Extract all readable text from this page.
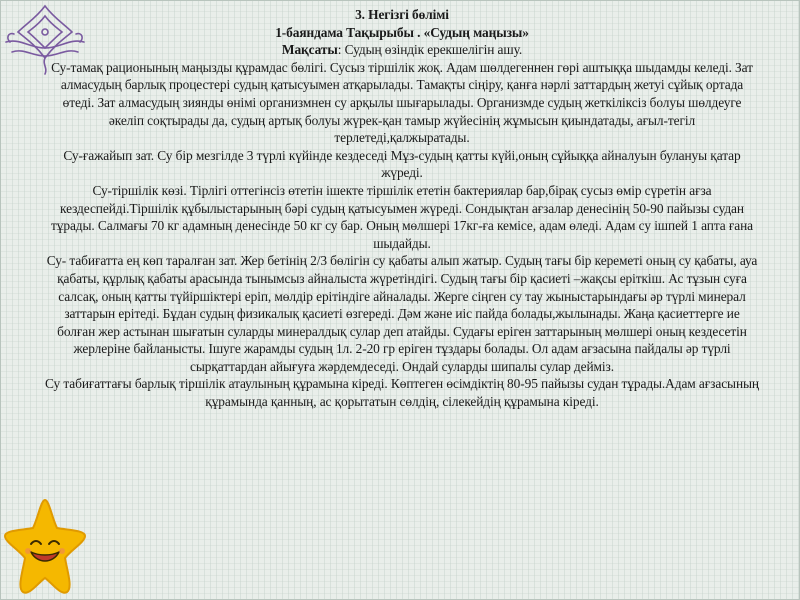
3. Негізгі бөлімі

1-баяндама Тақырыбы . «Судың маңызы»

Мақсаты: Судың өзіндік ерекшелігін ашу.

Су-тамақ рационының маңызды құрамдас бөлігі. Сусыз тіршілік жоқ. Адам шөлдегеннен гөрі аштыққа шыдамды келеді. Зат алмасудың барлық процестері судың қатысуымен атқарылады. Тамақты сіңіру, қанға нәрлі заттардың жетуі сұйық ортада өтеді. Зат алмасудың зиянды өнімі организмнен су арқылы шығарылады. Организмде судың жеткіліксіз болуы шөлдеуге әкеліп соқтырады да, судың артық болуы жүрек-қан тамыр жүйесінің жұмысын қиындатады, ағыл-тегіл терлетеді,қалжыратады.

Су-ғажайып зат. Су бір мезгілде 3 түрлі күйінде кездеседі Мұз-судың қатты күйі,оның сұйыққа айналуын булануы қатар жүреді.

Су-тіршілік көзі. Тірлігі оттегінсіз өтетін ішекте тіршілік ететін бактериялар бар,бірақ сусыз өмір сүретін ағза кездеспейді.Тіршілік құбылыстарының бәрі судың қатысуымен жүреді. Сондықтан ағзалар денесінің 50-90 пайызы судан тұрады. Салмағы 70 кг адамның денесінде 50 кг су бар. Оның мөлшері 17кг-ға кемісе, адам өледі. Адам су ішпей 1 апта ғана шыдайды.

Су- табиғатта ең көп таралған зат. Жер бетінің 2/3 бөлігін су қабаты алып жатыр. Судың тағы бір кереметі оның су қабаты, ауа қабаты, құрлық қабаты арасында тынымсыз айналыста жүретіндігі. Судың тағы бір қасиеті –жақсы еріткіш. Ас тұзын суға салсақ, оның қатты түйіршіктері еріп, мөлдір ерітіндіге айналады. Жерге сіңген су тау жыныстарындағы әр түрлі минерал заттарын ерітеді. Бұдан судың физикалық қасиеті өзгереді. Дәм және иіс пайда болады,жылынады. Жаңа қасиеттерге ие болған жер астынан шығатын суларды минералдық сулар деп атайды. Судағы еріген заттарының мөлшері оның кездесетін жерлеріне байланысты. Ішуге жарамды судың 1л. 2-20 гр еріген тұздары болады. Ол адам ағзасына пайдалы әр түрлі сырқаттардан айығуға жәрдемдеседі. Ондай суларды шипалы сулар дейміз.

Су табиғаттағы барлық тіршілік атаулының құрамына кіреді. Көптеген өсімдіктің 80-95 пайызы судан тұрады.Адам ағзасының құрамында қанның, ас қорытатын сөлдің, сілекейдің құрамына кіреді.
